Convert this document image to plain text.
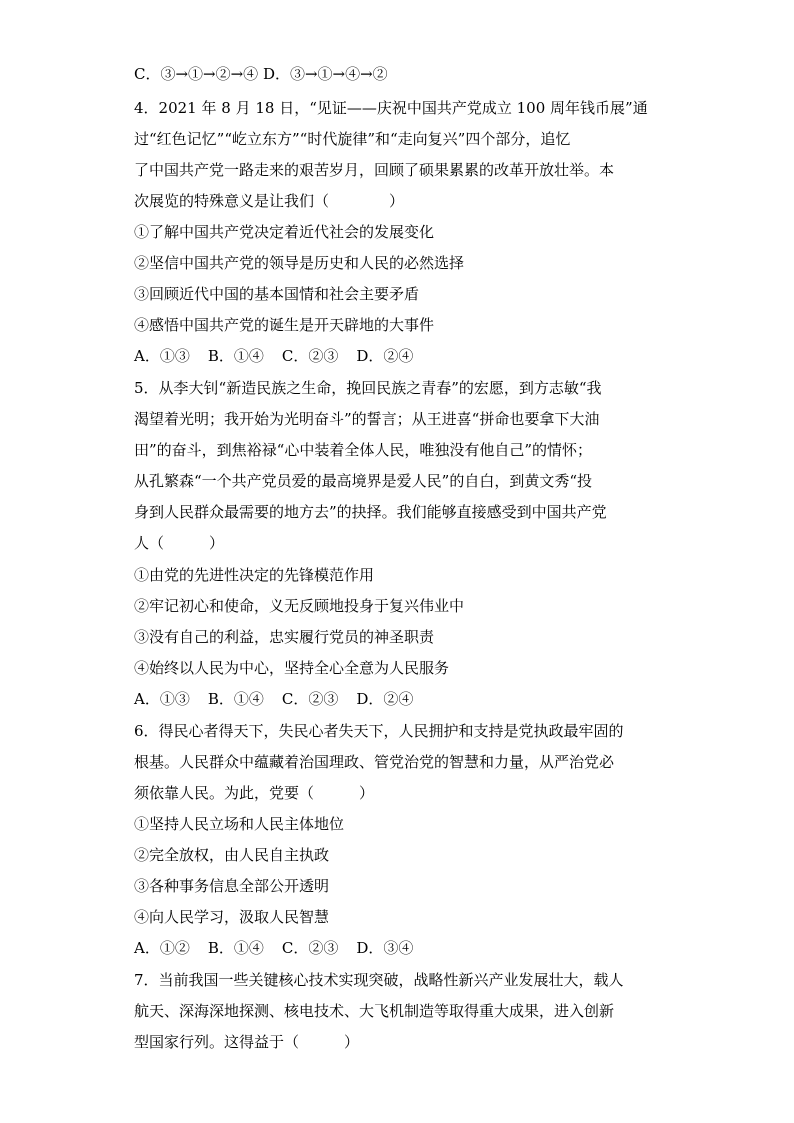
C．③→①→②→④ D．③→①→④→②
4．2021 年 8 月 18 日，“见证——庆祝中国共产党成立 100 周年钱币展”通
过“红色记忆”“屹立东方”“时代旋律”和“走向复兴”四个部分，追忆
了中国共产党一路走来的艰苦岁月，回顾了硕果累累的改革开放壮举。本
次展览的特殊意义是让我们（　　　　）
①了解中国共产党决定着近代社会的发展变化
②坚信中国共产党的领导是历史和人民的必然选择
③回顾近代中国的基本国情和社会主要矛盾
④感悟中国共产党的诞生是开天辟地的大事件
A．①③ B．①④ C．②③ D．②④
5．从李大钊“新造民族之生命，挽回民族之青春”的宏愿，到方志敏“我
渴望着光明；我开始为光明奋斗”的誓言；从王进喜“拼命也要拿下大油
田”的奋斗，到焦裕禄“心中装着全体人民，唯独没有他自己”的情怀；
从孔繁森“一个共产党员爱的最高境界是爱人民”的自白，到黄文秀“投
身到人民群众最需要的地方去”的抉择。我们能够直接感受到中国共产党
人（　　　）
①由党的先进性决定的先锋模范作用
②牢记初心和使命，义无反顾地投身于复兴伟业中
③没有自己的利益，忠实履行党员的神圣职责
④始终以人民为中心，坚持全心全意为人民服务
A．①③ B．①④ C．②③ D．②④
6．得民心者得天下，失民心者失天下，人民拥护和支持是党执政最牢固的
根基。人民群众中蕴藏着治国理政、管党治党的智慧和力量，从严治党必
须依靠人民。为此，党要（　　　）
①坚持人民立场和人民主体地位
②完全放权，由人民自主执政
③各种事务信息全部公开透明
④向人民学习，汲取人民智慧
A．①② B．①④ C．②③ D．③④
7．当前我国一些关键核心技术实现突破，战略性新兴产业发展壮大，载人
航天、深海深地探测、核电技术、大飞机制造等取得重大成果，进入创新
型国家行列。这得益于（　　　）
